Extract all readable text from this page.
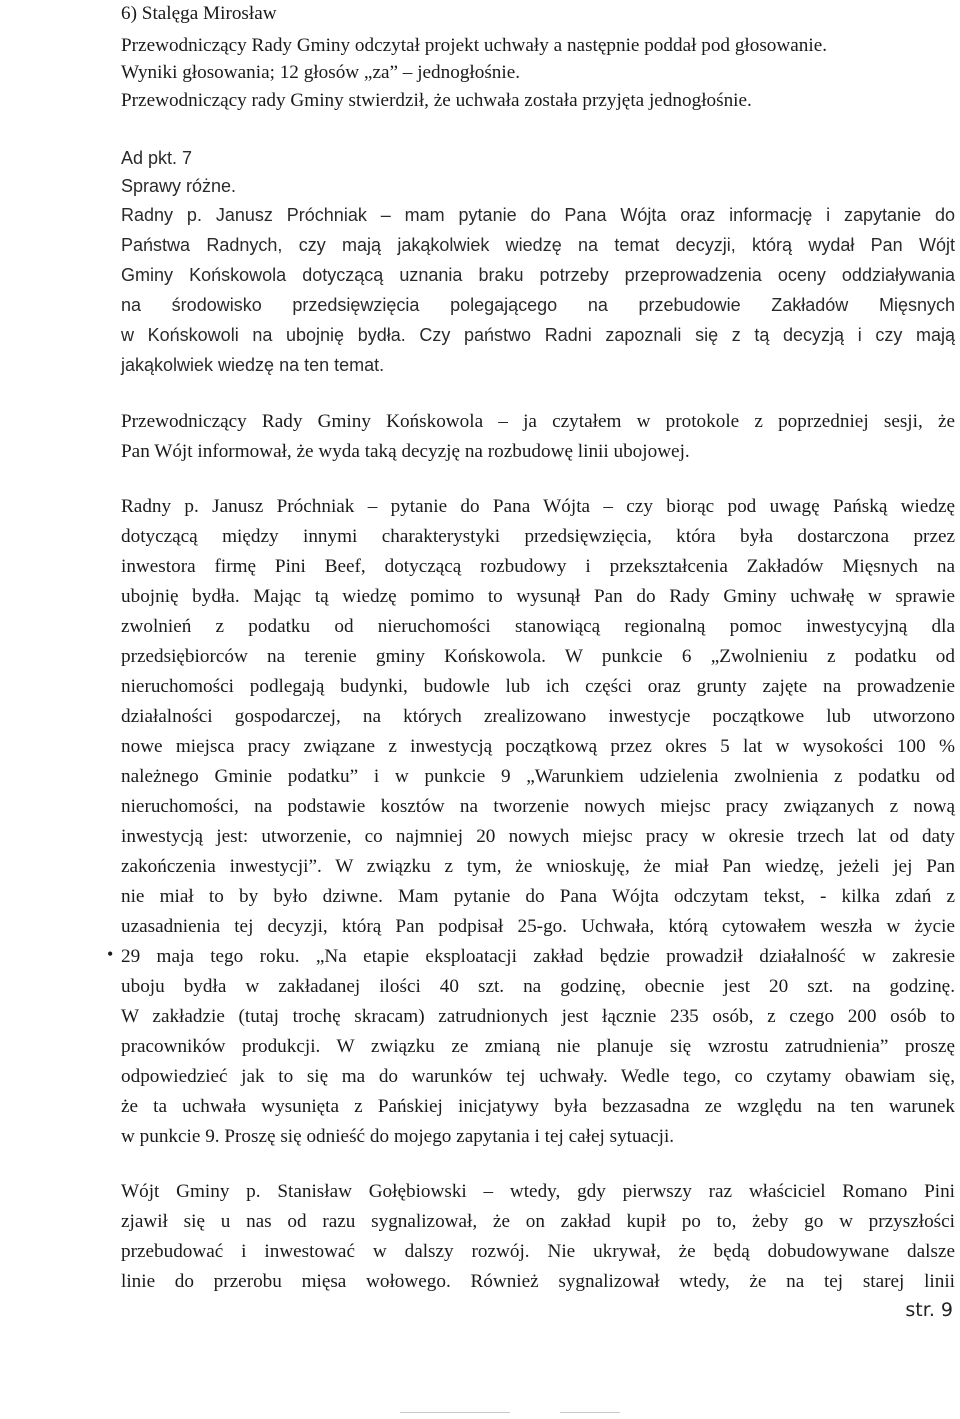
6) Stalęga Mirosław

Przewodniczący Rady Gminy odczytał projekt uchwały a następnie poddał pod głosowanie.

Wyniki głosowania; 12 głosów „za” – jednogłośnie.

Przewodniczący rady Gminy stwierdził, że uchwała została przyjęta jednogłośnie.

Ad pkt. 7

Sprawy różne.

Radny p. Janusz Próchniak – mam pytanie do Pana Wójta oraz informację i zapytanie do

Państwa Radnych, czy mają jakąkolwiek wiedzę na temat decyzji, którą wydał Pan Wójt

Gminy Końskowola dotyczącą uznania braku potrzeby przeprowadzenia oceny oddziaływania

na środowisko przedsięwzięcia polegającego na przebudowie Zakładów Mięsnych

w Końskowoli na ubojnię bydła. Czy państwo Radni zapoznali się z tą decyzją i czy mają

jakąkolwiek wiedzę na ten temat.

Przewodniczący Rady Gminy Końskowola – ja czytałem w protokole z poprzedniej sesji, że

Pan Wójt informował, że wyda taką decyzję na rozbudowę linii ubojowej.

Radny p. Janusz Próchniak – pytanie do Pana Wójta – czy biorąc pod uwagę Pańską wiedzę

dotyczącą między innymi charakterystyki przedsięwzięcia, która była dostarczona przez

inwestora firmę Pini Beef, dotyczącą rozbudowy i przekształcenia Zakładów Mięsnych na

ubojnię bydła. Mając tą wiedzę pomimo to wysunął Pan do Rady Gminy uchwałę w sprawie

zwolnień z podatku od nieruchomości stanowiącą regionalną pomoc inwestycyjną dla

przedsiębiorców na terenie gminy Końskowola. W punkcie 6 „Zwolnieniu z podatku od

nieruchomości podlegają budynki, budowle lub ich części oraz grunty zajęte na prowadzenie

działalności gospodarczej, na których zrealizowano inwestycje początkowe lub utworzono

nowe miejsca pracy związane z inwestycją początkową przez okres 5 lat w wysokości 100 %

należnego Gminie podatku” i w punkcie 9 „Warunkiem udzielenia zwolnienia z podatku od

nieruchomości, na podstawie kosztów na tworzenie nowych miejsc pracy związanych z nową

inwestycją jest: utworzenie, co najmniej 20 nowych miejsc pracy w okresie trzech lat od daty

zakończenia inwestycji”. W związku z tym, że wnioskuję, że miał Pan wiedzę, jeżeli jej Pan

nie miał to by było dziwne. Mam pytanie do Pana Wójta odczytam tekst, - kilka zdań z

uzasadnienia tej decyzji, którą Pan podpisał 25-go. Uchwała, którą cytowałem weszła w życie

29 maja tego roku. „Na etapie eksploatacji zakład będzie prowadził działalność w zakresie

uboju bydła w zakładanej ilości 40 szt. na godzinę, obecnie jest 20 szt. na godzinę.

W zakładzie (tutaj trochę skracam) zatrudnionych jest łącznie 235 osób, z czego 200 osób to

pracowników produkcji. W związku ze zmianą nie planuje się wzrostu zatrudnienia” proszę

odpowiedzieć jak to się ma do warunków tej uchwały. Wedle tego, co czytamy obawiam się,

że ta uchwała wysunięta z Pańskiej inicjatywy była bezzasadna ze względu na ten warunek

w punkcie 9. Proszę się odnieść do mojego zapytania i tej całej sytuacji.

Wójt Gminy p. Stanisław Gołębiowski – wtedy, gdy pierwszy raz właściciel Romano Pini

zjawił się u nas od razu sygnalizował, że on zakład kupił po to, żeby go w przyszłości

przebudować i inwestować w dalszy rozwój. Nie ukrywał, że będą dobudowywane dalsze

linie do przerobu mięsa wołowego. Również sygnalizował wtedy, że na tej starej linii

•

str. 9
